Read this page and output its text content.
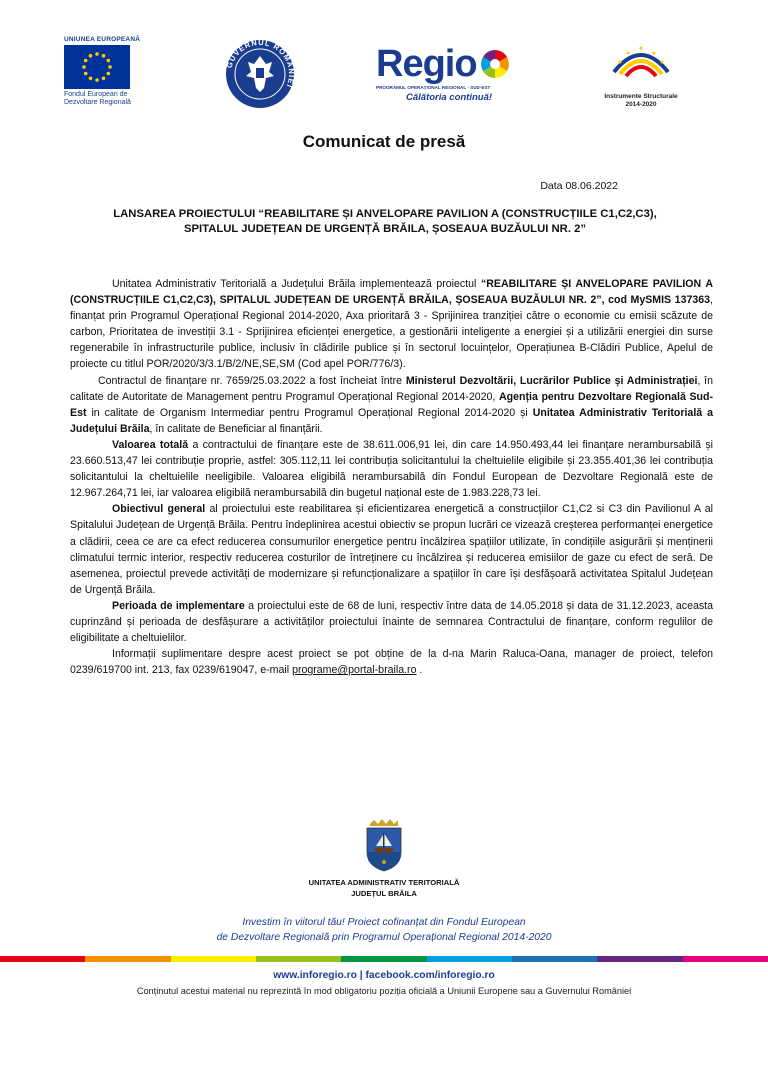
UNIUNEA EUROPEANĂ
Fondul European de
Dezvoltare Regională
GUVERNUL ROMÂNIEI
Regio
PROGRAMUL OPERAȚIONAL REGIONAL · SUD-EST
Călătoria continuă!	Instrumente Structurale
2014-2020
Comunicat de presă
Data 08.06.2022
LANSAREA PROIECTULUI “REABILITARE ȘI ANVELOPARE PAVILION A (CONSTRUCȚIILE C1,C2,C3),
SPITALUL JUDEȚEAN DE URGENȚĂ BRĂILA, ȘOSEAUA BUZĂULUI NR. 2”

Unitatea Administrativ Teritorială a Județului Brăila implementează proiectul “REABILITARE ȘI ANVELOPARE PAVILION A (CONSTRUCȚIILE C1,C2,C3), SPITALUL JUDEȚEAN DE URGENȚĂ BRĂILA, ȘOSEAUA BUZĂULUI NR. 2”, cod MySMIS 137363, finanțat prin Programul Operațional Regional 2014-2020, Axa prioritară 3 - Sprijinirea tranziției către o economie cu emisii scăzute de carbon, Prioritatea de investiții 3.1 - Sprijinirea eficienței energetice, a gestionării inteligente a energiei și a utilizării energiei din surse regenerabile în infrastructurile publice, inclusiv în clădirile publice și în sectorul locuințelor, Operațiunea B-Clădiri Publice, Apelul de proiecte cu titlul POR/2020/3/3.1/B/2/NE,SE,SM (Cod apel POR/776/3).

Contractul de finanțare nr. 7659/25.03.2022 a fost încheiat între Ministerul Dezvoltării, Lucrărilor Publice și Administrației, în calitate de Autoritate de Management pentru Programul Operațional Regional 2014-2020, Agenția pentru Dezvoltare Regională Sud-Est in calitate de Organism Intermediar pentru Programul Operațional Regional 2014-2020 și Unitatea Administrativ Teritorială a Județului Brăila, în calitate de Beneficiar al finanțării.

Valoarea totală a contractului de finanțare este de 38.611.006,91 lei, din care 14.950.493,44 lei finanțare nerambursabilă și 23.660.513,47 lei contribuție proprie, astfel: 305.112,11 lei contribuția solicitantului la cheltuielile eligibile și 23.355.401,36 lei contribuția solicitantului la cheltuielile neeligibile. Valoarea eligibilă nerambursabilă din Fondul European de Dezvoltare Regională este de 12.967.264,71 lei, iar valoarea eligibilă nerambursabilă din bugetul național este de 1.983.228,73 lei.

Obiectivul general al proiectului este reabilitarea și eficientizarea energetică a construcțiilor C1,C2 si C3 din Pavilionul A al Spitalului Județean de Urgență Brăila. Pentru îndeplinirea acestui obiectiv se propun lucrări ce vizează creșterea performanței energetice a clădirii, ceea ce are ca efect reducerea consumurilor energetice pentru încălzirea spațiilor utilizate, în condițiile asigurării și menținerii climatului termic interior, respectiv reducerea costurilor de întreținere cu încălzirea și reducerea emisiilor de gaze cu efect de seră. De asemenea, proiectul prevede activități de modernizare și refuncționalizare a spațiilor în care își desfășoară activitatea Spitalul Județean de Urgență Brăila.

Perioada de implementare a proiectului este de 68 de luni, respectiv între data de 14.05.2018 și data de 31.12.2023, aceasta cuprinzând și perioada de desfășurare a activităților proiectului înainte de semnarea Contractului de finanțare, conform regulilor de eligibilitate a cheltuielilor.

Informații suplimentare despre acest proiect se pot obține de la d-na Marin Raluca-Oana, manager de proiect, telefon 0239/619700 int. 213, fax 0239/619047, e-mail programe@portal-braila.ro .

UNITATEA ADMINISTRATIV TERITORIALĂ
JUDEȚUL BRĂILA
Investim în viitorul tău! Proiect cofinanțat din Fondul European
de Dezvoltare Regională prin Programul Operațional Regional 2014-2020
www.inforegio.ro | facebook.com/inforegio.ro
Conținutul acestui material nu reprezintă în mod obligatoriu poziția oficială a Uniunii Europene sau a Guvernului României
